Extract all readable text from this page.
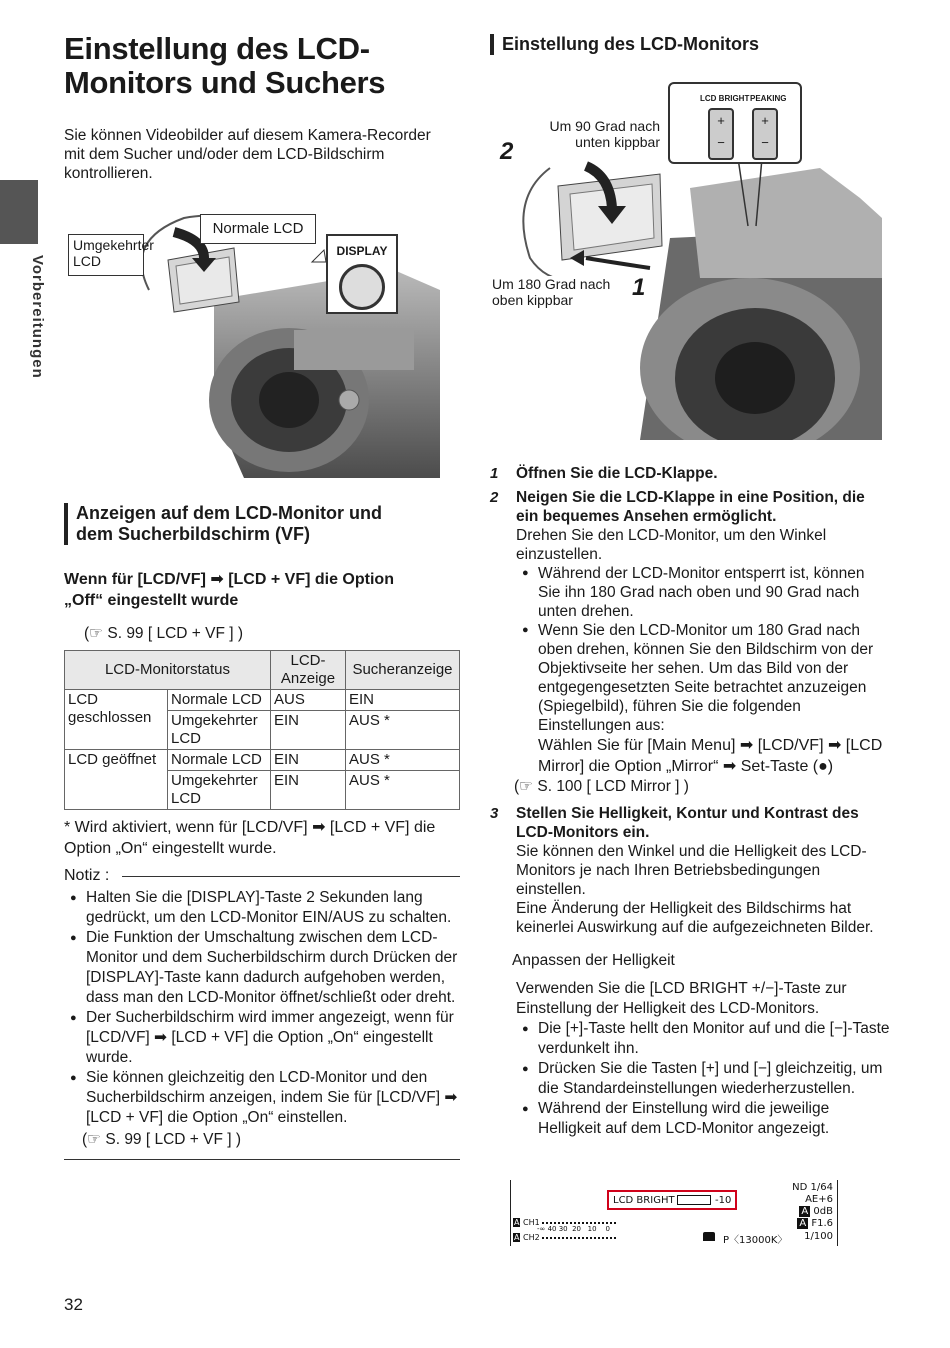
Einstellung des LCD-Monitors und Suchers
Sie können Videobilder auf diesem Kamera-Recorder mit dem Sucher und/oder dem LCD-Bildschirm kontrollieren.
Vorbereitungen
Umgekehrter
LCD
Normale LCD
DISPLAY
Anzeigen auf dem LCD-Monitor und
dem Sucherbildschirm (VF)
Wenn für [LCD/VF] ➡ [LCD + VF] die Option
„Off“ eingestellt wurde
(☞ S. 99 [ LCD + VF ] )
LCD-Monitorstatus		LCD-
Anzeige	Sucheranzeige
LCD
geschlossen	Normale LCD	AUS	EIN
	Umgekehrter
LCD	EIN	AUS *
LCD geöffnet	Normale LCD	EIN	AUS *
	Umgekehrter
LCD	EIN	AUS *
* Wird aktiviert, wenn für [LCD/VF] ➡ [LCD + VF] die Option „On“ eingestellt wurde.
Notiz :
● Halten Sie die [DISPLAY]-Taste 2 Sekunden lang gedrückt, um den LCD-Monitor EIN/AUS zu schalten.
● Die Funktion der Umschaltung zwischen dem LCD-Monitor und dem Sucherbildschirm durch Drücken der [DISPLAY]-Taste kann dadurch aufgehoben werden, dass man den LCD-Monitor öffnet/schließt oder dreht.
● Der Sucherbildschirm wird immer angezeigt, wenn für [LCD/VF] ➡ [LCD + VF] die Option „On“ eingestellt wurde.
● Sie können gleichzeitig den LCD-Monitor und den Sucherbildschirm anzeigen, indem Sie für [LCD/VF] ➡ [LCD + VF] die Option „On“ einstellen.
(☞ S. 99 [ LCD + VF ] )
Einstellung des LCD-Monitors
2
Um 90 Grad nach
unten kippbar
Um 180 Grad nach
oben kippbar	1
LCD BRIGHT PEAKING
+
−
+
−
1 Öffnen Sie die LCD-Klappe.
2 Neigen Sie die LCD-Klappe in eine Position, die ein bequemes Ansehen ermöglicht.
Drehen Sie den LCD-Monitor, um den Winkel einzustellen.
● Während der LCD-Monitor entsperrt ist, können Sie ihn 180 Grad nach oben und 90 Grad nach unten drehen.
● Wenn Sie den LCD-Monitor um 180 Grad nach oben drehen, können Sie den Bildschirm von der Objektivseite her sehen. Um das Bild von der entgegengesetzten Seite betrachtet anzuzeigen (Spiegelbild), führen Sie die folgenden Einstellungen aus:
Wählen Sie für [Main Menu] ➡ [LCD/VF] ➡ [LCD Mirror] die Option „Mirror“ ➡ Set-Taste (●)
(☞ S. 100 [ LCD Mirror ] )
3 Stellen Sie Helligkeit, Kontur und Kontrast des LCD-Monitors ein.
Sie können den Winkel und die Helligkeit des LCD-Monitors je nach Ihren Betriebsbedingungen einstellen.
Eine Änderung der Helligkeit des Bildschirms hat keinerlei Auswirkung auf die aufgezeichneten Bilder.
Anpassen der Helligkeit
Verwenden Sie die [LCD BRIGHT +/−]-Taste zur Einstellung der Helligkeit des LCD-Monitors.
● Die [+]-Taste hellt den Monitor auf und die [−]-Taste verdunkelt ihn.
● Drücken Sie die Tasten [+] und [−] gleichzeitig, um die Standardeinstellungen wiederherzustellen.
● Während der Einstellung wird die jeweilige Helligkeit auf dem LCD-Monitor angezeigt.
LCD BRIGHT	-10
ND 1/64
AE+6
A 0dB
A F1.6
1/100
A CH1
-∞ 40 30  20   10    0
A CH2	P〈13000K〉
32
